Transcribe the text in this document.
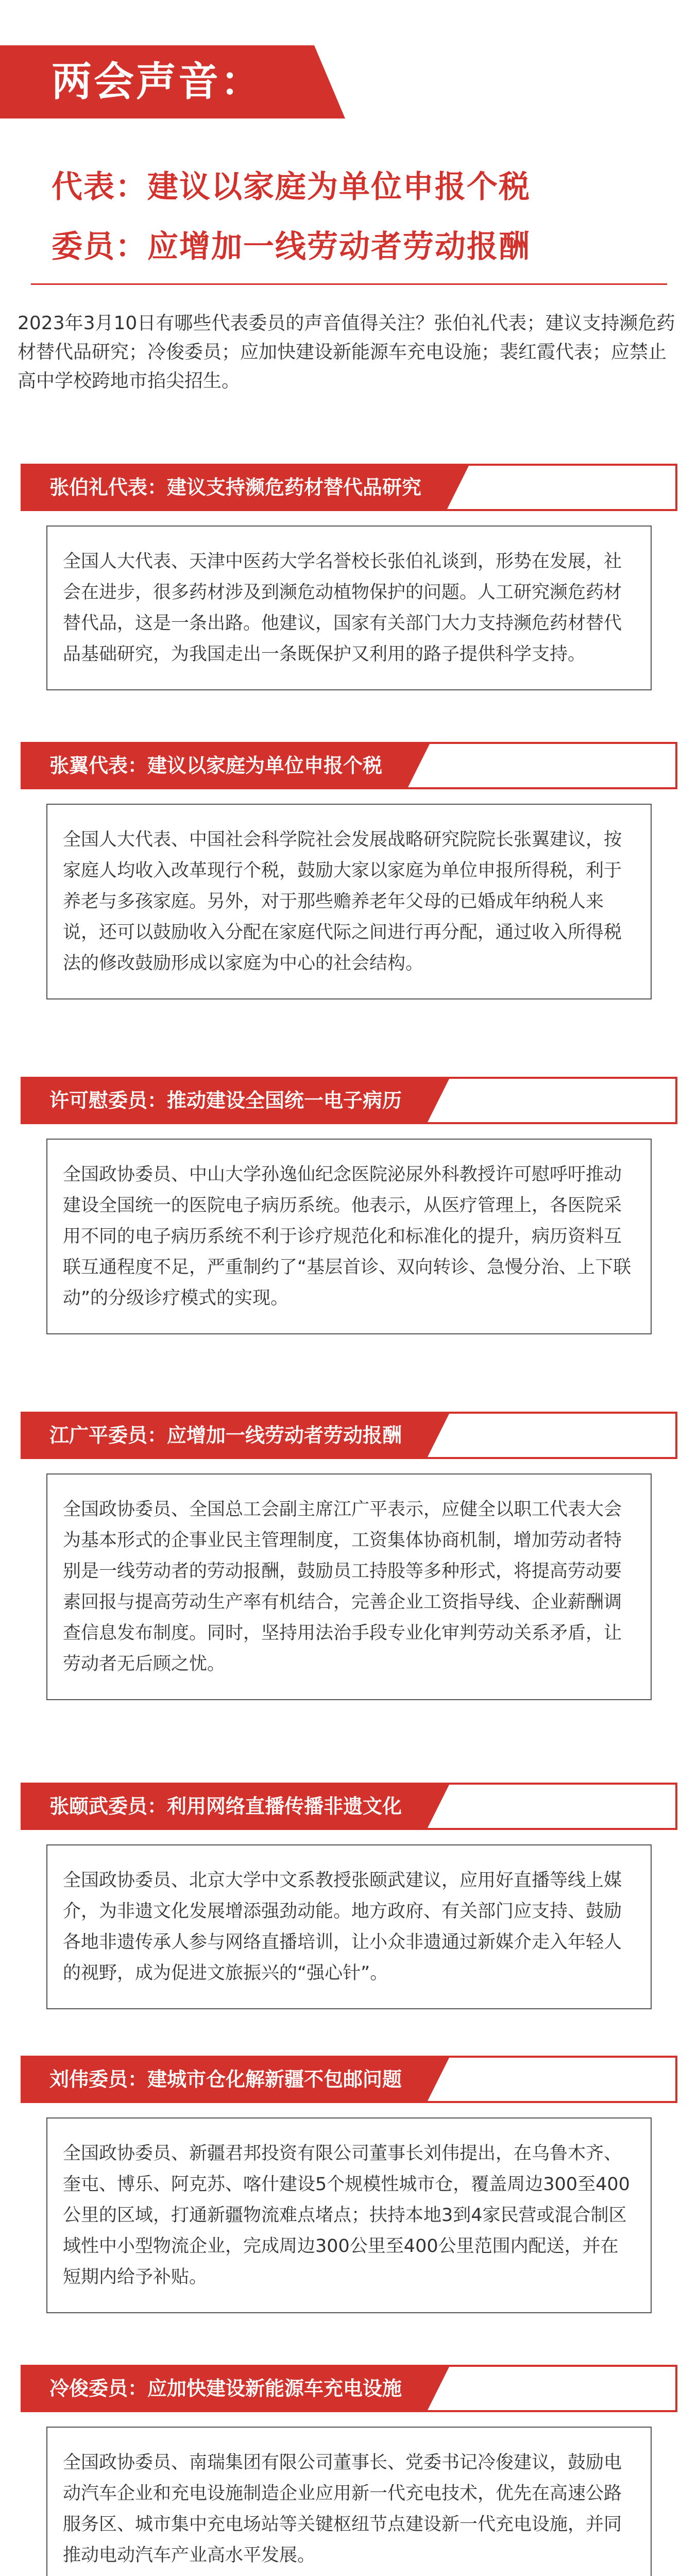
两会声音：
代表：建议以家庭为单位申报个税
委员：应增加一线劳动者劳动报酬
2023年3月10日有哪些代表委员的声音值得关注？张伯礼代表；建议支持濒危药材替代品研究；冷俊委员；应加快建设新能源车充电设施；裴红霞代表；应禁止高中学校跨地市掐尖招生。
张伯礼代表：建议支持濒危药材替代品研究
全国人大代表、天津中医药大学名誉校长张伯礼谈到，形势在发展，社会在进步，很多药材涉及到濒危动植物保护的问题。人工研究濒危药材替代品，这是一条出路。他建议，国家有关部门大力支持濒危药材替代品基础研究，为我国走出一条既保护又利用的路子提供科学支持。
张翼代表：建议以家庭为单位申报个税
全国人大代表、中国社会科学院社会发展战略研究院院长张翼建议，按家庭人均收入改革现行个税，鼓励大家以家庭为单位申报所得税，利于养老与多孩家庭。另外，对于那些赡养老年父母的已婚成年纳税人来说，还可以鼓励收入分配在家庭代际之间进行再分配，通过收入所得税法的修改鼓励形成以家庭为中心的社会结构。
许可慰委员：推动建设全国统一电子病历
全国政协委员、中山大学孙逸仙纪念医院泌尿外科教授许可慰呼吁推动建设全国统一的医院电子病历系统。他表示，从医疗管理上，各医院采用不同的电子病历系统不利于诊疗规范化和标准化的提升，病历资料互联互通程度不足，严重制约了“基层首诊、双向转诊、急慢分治、上下联动”的分级诊疗模式的实现。
江广平委员：应增加一线劳动者劳动报酬
全国政协委员、全国总工会副主席江广平表示，应健全以职工代表大会为基本形式的企事业民主管理制度，工资集体协商机制，增加劳动者特别是一线劳动者的劳动报酬，鼓励员工持股等多种形式，将提高劳动要素回报与提高劳动生产率有机结合，完善企业工资指导线、企业薪酬调查信息发布制度。同时，坚持用法治手段专业化审判劳动关系矛盾，让劳动者无后顾之忧。
张颐武委员：利用网络直播传播非遗文化
全国政协委员、北京大学中文系教授张颐武建议，应用好直播等线上媒介，为非遗文化发展增添强劲动能。地方政府、有关部门应支持、鼓励各地非遗传承人参与网络直播培训，让小众非遗通过新媒介走入年轻人的视野，成为促进文旅振兴的“强心针”。
刘伟委员：建城市仓化解新疆不包邮问题
全国政协委员、新疆君邦投资有限公司董事长刘伟提出，在乌鲁木齐、奎屯、博乐、阿克苏、喀什建设5个规模性城市仓，覆盖周边300至400公里的区域，打通新疆物流难点堵点；扶持本地3到4家民营或混合制区域性中小型物流企业，完成周边300公里至400公里范围内配送，并在短期内给予补贴。
冷俊委员：应加快建设新能源车充电设施
全国政协委员、南瑞集团有限公司董事长、党委书记冷俊建议，鼓励电动汽车企业和充电设施制造企业应用新一代充电技术，优先在高速公路服务区、城市集中充电场站等关键枢纽节点建设新一代充电设施，并同推动电动汽车产业高水平发展。
